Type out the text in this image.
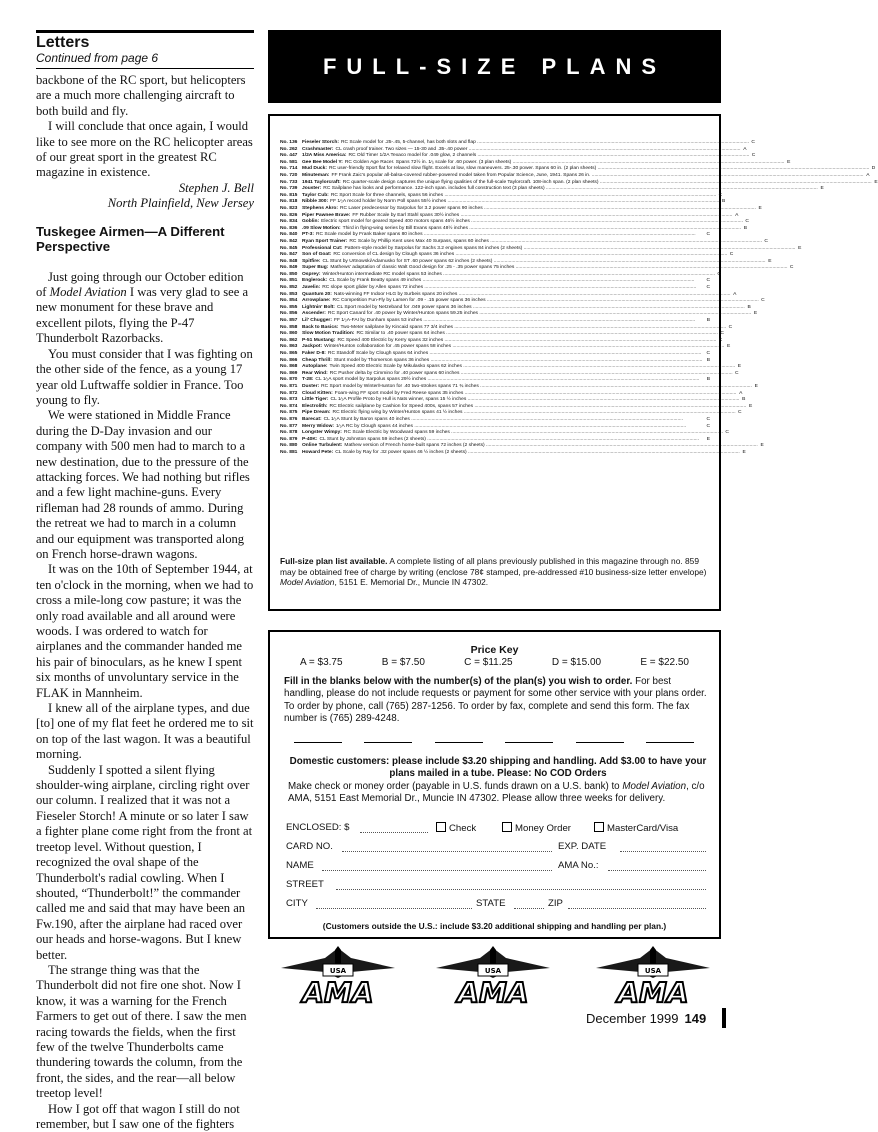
Letters
Continued from page 6

backbone of the RC sport, but helicopters are a much more challenging aircraft to both build and fly.

I will conclude that once again, I would like to see more on the RC helicopter areas of our great sport in the greatest RC magazine in existence.

Stephen J. Bell
North Plainfield, New Jersey
Tuskegee Airmen—A Different Perspective

Just going through our October edition of Model Aviation I was very glad to see a new monument for these brave and excellent pilots, flying the P-47 Thunderbolt Razorbacks.

You must consider that I was fighting on the other side of the fence, as a young 17 year old Luftwaffe soldier in France. Too young to fly.

We were stationed in Middle France during the D-Day invasion and our company with 500 men had to march to a new destination, due to the pressure of the attacking forces. We had nothing but rifles and a few light machine-guns. Every rifleman had 28 rounds of ammo. During the retreat we had to march in a column and our equipment was transported along on French horse-drawn wagons.

It was on the 10th of September 1944, at ten o'clock in the morning, when we had to cross a mile-long cow pasture; it was the only road available and all around were woods. I was ordered to watch for airplanes and the commander handed me his pair of binoculars, as he knew I spent six months of unvoluntary service in the FLAK in Mannheim.

I knew all of the airplane types, and due [to] one of my flat feet he ordered me to sit on top of the last wagon. It was a beautiful morning.

Suddenly I spotted a silent flying shoulder-wing airplane, circling right over our column. I realized that it was not a Fieseler Storch! A minute or so later I saw a fighter plane come right from the front at treetop level. Without question, I recognized the oval shape of the Thunderbolt's radial cowling. When I shouted, “Thunderbolt!” the commander called me and said that may have been an Fw.190, after the airplane had raced over our heads and horse-wagons. But I knew better.

The strange thing was that the Thunderbolt did not fire one shot. Now I know, it was a warning for the French Farmers to get out of there. I saw the men racing towards the fields, when the first few of the twelve Thunderbolts came thundering towards the column, from the front, the sides, and the rear—all below treetop level!

How I got off that wagon I still do not remember, but I saw one of the fighters

FULL-SIZE PLANS
No. 136 Fieseler Storch: RC Scale model for .25-.45, 5-channel, has both slots and flap ........................................................................................................................................................................................................ C
No. 262 Crashmaster: CL crash proof trainer. Two sizes — 15-30 and .35-.40 power ........................................................................................................................................................................................................ A
No. 447 1/2A Miss America: RC Old Timer 1/2A Texaco model for .049 glow, 2 channels ........................................................................................................................................................................................................ C
No. 581 Gee Bee Model Y: RC Golden Age Racer. Spans 72½ in. 1⁄₅ scale for .60 power. (3 plan sheets) ........................................................................................................................................................................................................ E
No. 714 Mud Duck: RC user-friendly Sport flat for relaxed slow flight. Excels at low, slow maneuvers. 25-.30 power. Spans 60 in. (2 plan sheets) ........................................................................................................................................................................................................ D
No. 720 Minuteman: FF Frank Zaic's popular all-balsa-covered rubber-powered model taken from Popular Science, June, 1941. Spans 26 in. ........................................................................................................................................................................................................ A
No. 733 1941 Taylorcraft: RC quarter-scale design captures the unique flying qualities of the full-scale Taylorcraft. 108-inch span. (2 plan sheets) ........................................................................................................................................................................................................ E
No. 739 Jouster: RC Sailplane has looks and performance. 122-inch span. includes full construction text (3 plan sheets) ........................................................................................................................................................................................................ E
No. 815 Taylor Cub: RC Sport Scale for three channels, spans 56 inches ........................................................................................................................................................................................................ C
No. 818 Nibble 300: FF 1⁄₂A record holder by Norm Poll spans 55½ inches ........................................................................................................................................................................................................ B
No. 823 Stephens Akro: RC Laser predecessor by Sarpolus for 3.2 power spans 90 inches ........................................................................................................................................................................................................ E
No. 826 Piper Pawnee Brave: FF Rubber Scale by Earl Stahl spans 30½ inches ........................................................................................................................................................................................................ A
No. 834 Goblin: Electric sport model for geared Speed 400 motors spans 46½ inches ........................................................................................................................................................................................................ C
No. 836 .09 Slow Motion: Third in flying-wing series by Bill Evans spans 48½ inches ........................................................................................................................................................................................................ B
No. 840 PT-3: RC Scale model by Frank Baker spans 80 inches ........................................................................................................................................................................................................	C
No. 842 Ryan Sport Trainer: RC Scale by Phillip Kent uses Max 40 Surpass, spans 60 inches ........................................................................................................................................................................................................ C
No. 845 Professional Cut: Pattern-style model by Sarpolus for Sachs 3.2 engines spans 84 inches (2 sheets) ........................................................................................................................................................................................................ E
No. 847 Son of Goat: RC conversion of CL design by Clough spans 36 inches ........................................................................................................................................................................................................ C
No. 848 Spitfire: CL Stunt by Urtnowski/Adamusko for ST .60 power spans 62 inches (2 sheets) ........................................................................................................................................................................................................ E
No. 849 Super Bug: Mathews' adaptation of classic Walt Good design for .25 - .35 power spans 75 inches ........................................................................................................................................................................................................ C
No. 850 Osprey: Winter/Hunton intermediate RC model spans 53 inches ........................................................................................................................................................................................................ C
No. 851 Englerock: CL Scale by Frank Beatty spans 49 inches ........................................................................................................................................................................................................	C
No. 852 Javelin: RC slope sport glider by Allen spans 72 inches ........................................................................................................................................................................................................	C
No. 853 Quantum 20: Nats-winning FF Indoor HLG by Surbeis spans 20 inches ........................................................................................................................................................................................................ A
No. 854 Arrowplane: RC Competition Fun-Fly by Larsen for .09 - .15 power spans 36 inches ........................................................................................................................................................................................................ C
No. 855 Lightnin' Bolt: CL Sport model by Netzeband for .049 power spans 36 inches ........................................................................................................................................................................................................ B
No. 856 Ascender: RC Sport Canard for .40 power by Winter/Hunton spans 59.25 inches ........................................................................................................................................................................................................ E
No. 857 Lil' Chugger: FF 1⁄₂A-FAI by Dunham spans 53 inches ........................................................................................................................................................................................................	B
No. 858 Back to Basics: Two-Meter sailplane by Kincaid spans 77 3/4 inches ........................................................................................................................................................................................................ C
No. 860 Slow Motion Tradition: RC Similar to .40 power spans 64 inches ........................................................................................................................................................................................................ C
No. 862 P-51 Mustang: RC Speed 400 Electric by Kerry spans 32 inches ........................................................................................................................................................................................................ C
No. 863 Jackpot: Winter/Hunton collaboration for .45 power spans 58 inches ........................................................................................................................................................................................................ E
No. 865 Faker D-8: RC Standoff Scale by Clough spans 64 inches ........................................................................................................................................................................................................	C
No. 866 Cheap Thrill: Stunt model by Thomerson spans 36 inches ........................................................................................................................................................................................................ B
No. 868 Autoplane: Twin Speed 400 Electric Scale by Mikulasko spans 62 inches ........................................................................................................................................................................................................ E
No. 869 Rear Wind: RC Pusher delta by Cimmino for .40 power spans 60 inches ........................................................................................................................................................................................................ C
No. 870 T-28: CL 1⁄₂A sport model by Sarpolus spans 29½ inches ........................................................................................................................................................................................................	B
No. 871 Duster: RC Sport model by Winter/Hunton for .40 two-strokes spans 71 ¾ inches ........................................................................................................................................................................................................ E
No. 872 Cloud Kitten: Foam-wing FF sport model by Fred Reese spans 35 inches ........................................................................................................................................................................................................ A
No. 873 Little Tiger: CL 1⁄₂A Profile Proto by Hull is Nats winner, spans 15 ½ inches ........................................................................................................................................................................................................ B
No. 874 Electrolith: RC Electric sailplane by Cashion for Speed 400s, spans 57 inches ........................................................................................................................................................................................................ E
No. 875 Pipe Dream: RC Electric flying wing by Winter/Hunton spans 41 ½ inches ........................................................................................................................................................................................................ C
No. 876 Barecat: CL 1⁄₂A Stunt by Baron spans 40 inches ........................................................................................................................................................................................................	C
No. 877 Merry Widow: 1⁄₂A RC by Clough spans 44 inches ........................................................................................................................................................................................................	C
No. 878 Longster Wimpy: RC Scale Electric by Woodward spans 59 inches ........................................................................................................................................................................................................ C
No. 879 P-40K: CL Stunt by Johnston spans 59 inches (2 sheets) ........................................................................................................................................................................................................	E
No. 880 Online Turbulent: Mathew version of French home-built spans 72 inches (2 sheets) ........................................................................................................................................................................................................ E
No. 881 Howard Pete: CL Scale by Ray for .32 power spans 46 ½ inches (2 sheets) ........................................................................................................................................................................................................ E
Full-size plan list available. A complete listing of all plans previously published in this magazine through no. 859 may be obtained free of charge by writing (enclose 78¢ stamped, pre-addressed #10 business-size letter envelope) Model Aviation, 5151 E. Memorial Dr., Muncie IN 47302.
Price Key
A = $3.75	B = $7.50	C = $11.25	D = $15.00	E = $22.50
Fill in the blanks below with the number(s) of the plan(s) you wish to order. For best handling, please do not include requests or payment for some other service with your plans order. To order by phone, call (765) 287-1256. To order by fax, complete and send this form. The fax number is (765) 289-4248.
Domestic customers: please include $3.20 shipping and handling. Add $3.00 to have your plans mailed in a tube. Please: No COD Orders
Make check or money order (payable in U.S. funds drawn on a U.S. bank) to Model Aviation, c/o AMA, 5151 East Memorial Dr., Muncie IN 47302. Please allow three weeks for delivery.
ENCLOSED: $	Check	Money Order	MasterCard/Visa
CARD NO.	EXP. DATE
NAME	AMA No.:
STREET
CITY	STATE	ZIP
(Customers outside the U.S.: include $3.20 additional shipping and handling per plan.)
USA
AMA
USA
AMA
USA
AMA
December 1999 149
